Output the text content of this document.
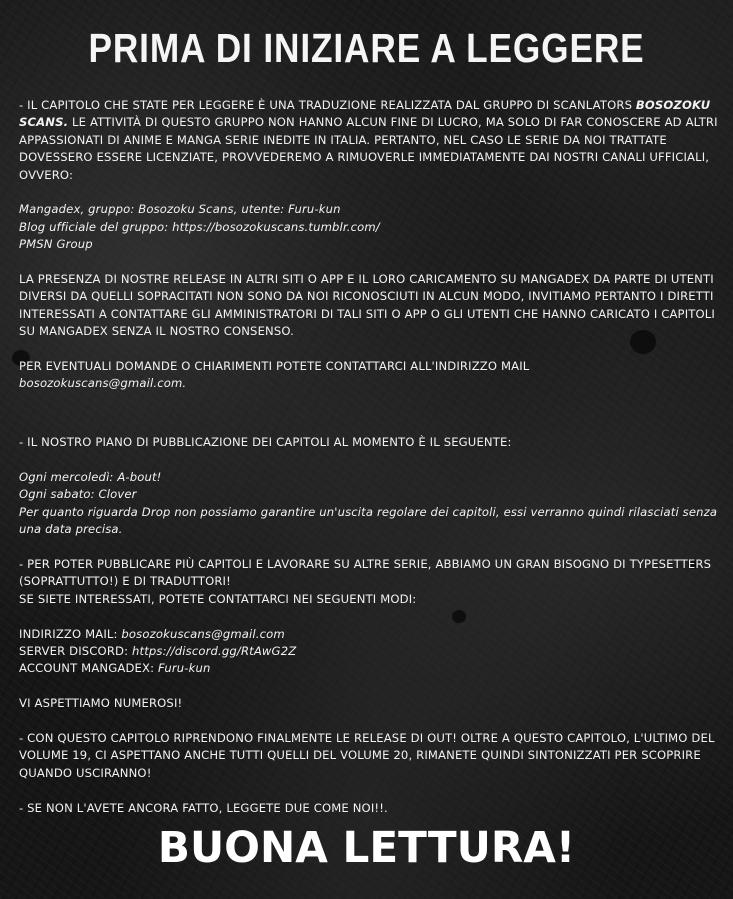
PRIMA DI INIZIARE A LEGGERE

- IL CAPITOLO CHE STATE PER LEGGERE È UNA TRADUZIONE REALIZZATA DAL GRUPPO DI SCANLATORS BOSOZOKU SCANS. LE ATTIVITÀ DI QUESTO GRUPPO NON HANNO ALCUN FINE DI LUCRO, MA SOLO DI FAR CONOSCERE AD ALTRI APPASSIONATI DI ANIME E MANGA SERIE INEDITE IN ITALIA. PERTANTO, NEL CASO LE SERIE DA NOI TRATTATE DOVESSERO ESSERE LICENZIATE, PROVVEDEREMO A RIMUOVERLE IMMEDIATAMENTE DAI NOSTRI CANALI UFFICIALI, OVVERO:

Mangadex, gruppo: Bosozoku Scans, utente: Furu-kun

Blog ufficiale del gruppo: https://bosozokuscans.tumblr.com/

PMSN Group

LA PRESENZA DI NOSTRE RELEASE IN ALTRI SITI O APP E IL LORO CARICAMENTO SU MANGADEX DA PARTE DI UTENTI DIVERSI DA QUELLI SOPRACITATI NON SONO DA NOI RICONOSCIUTI IN ALCUN MODO, INVITIAMO PERTANTO I DIRETTI INTERESSATI A CONTATTARE GLI AMMINISTRATORI DI TALI SITI O APP O GLI UTENTI CHE HANNO CARICATO I CAPITOLI SU MANGADEX SENZA IL NOSTRO CONSENSO.

PER EVENTUALI DOMANDE O CHIARIMENTI POTETE CONTATTARCI ALL'INDIRIZZO MAIL

bosozokuscans@gmail.com.

- IL NOSTRO PIANO DI PUBBLICAZIONE DEI CAPITOLI AL MOMENTO È IL SEGUENTE:

Ogni mercoledì: A-bout!

Ogni sabato: Clover

Per quanto riguarda Drop non possiamo garantire un'uscita regolare dei capitoli, essi verranno quindi rilasciati senza una data precisa.

- PER POTER PUBBLICARE PIÙ CAPITOLI E LAVORARE SU ALTRE SERIE, ABBIAMO UN GRAN BISOGNO DI TYPESETTERS (SOPRATTUTTO!) E DI TRADUTTORI!

SE SIETE INTERESSATI, POTETE CONTATTARCI NEI SEGUENTI MODI:

INDIRIZZO MAIL: bosozokuscans@gmail.com

SERVER DISCORD: https://discord.gg/RtAwG2Z

ACCOUNT MANGADEX: Furu-kun

VI ASPETTIAMO NUMEROSI!

- CON QUESTO CAPITOLO RIPRENDONO FINALMENTE LE RELEASE DI OUT! OLTRE A QUESTO CAPITOLO, L'ULTIMO DEL VOLUME 19, CI ASPETTANO ANCHE TUTTI QUELLI DEL VOLUME 20, RIMANETE QUINDI SINTONIZZATI PER SCOPRIRE QUANDO USCIRANNO!

- SE NON L'AVETE ANCORA FATTO, LEGGETE DUE COME NOI!!.

BUONA LETTURA!
